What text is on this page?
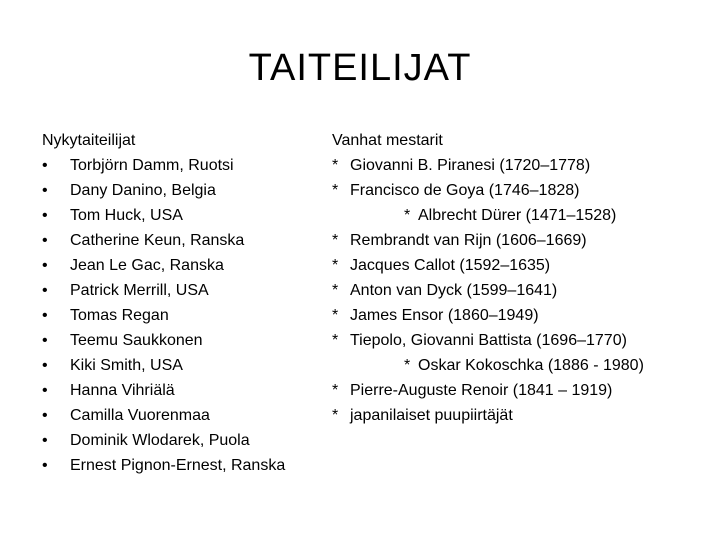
TAITEILIJAT
Nykytaiteilijat
• Torbjörn Damm, Ruotsi
• Dany Danino, Belgia
• Tom Huck, USA
• Catherine Keun, Ranska
• Jean Le Gac, Ranska
• Patrick Merrill, USA
• Tomas Regan
• Teemu Saukkonen
• Kiki Smith, USA
• Hanna Vihriälä
• Camilla Vuorenmaa
• Dominik Wlodarek, Puola
• Ernest Pignon-Ernest, Ranska
Vanhat mestarit
* Giovanni B. Piranesi (1720–1778)
* Francisco de Goya (1746–1828)
* Albrecht Dürer (1471–1528)
* Rembrandt van Rijn (1606–1669)
* Jacques Callot (1592–1635)
* Anton van Dyck (1599–1641)
* James Ensor (1860–1949)
* Tiepolo, Giovanni Battista (1696–1770)
* Oskar Kokoschka (1886 - 1980)
* Pierre-Auguste Renoir (1841 – 1919)
* japanilaiset puupiirtäjät
